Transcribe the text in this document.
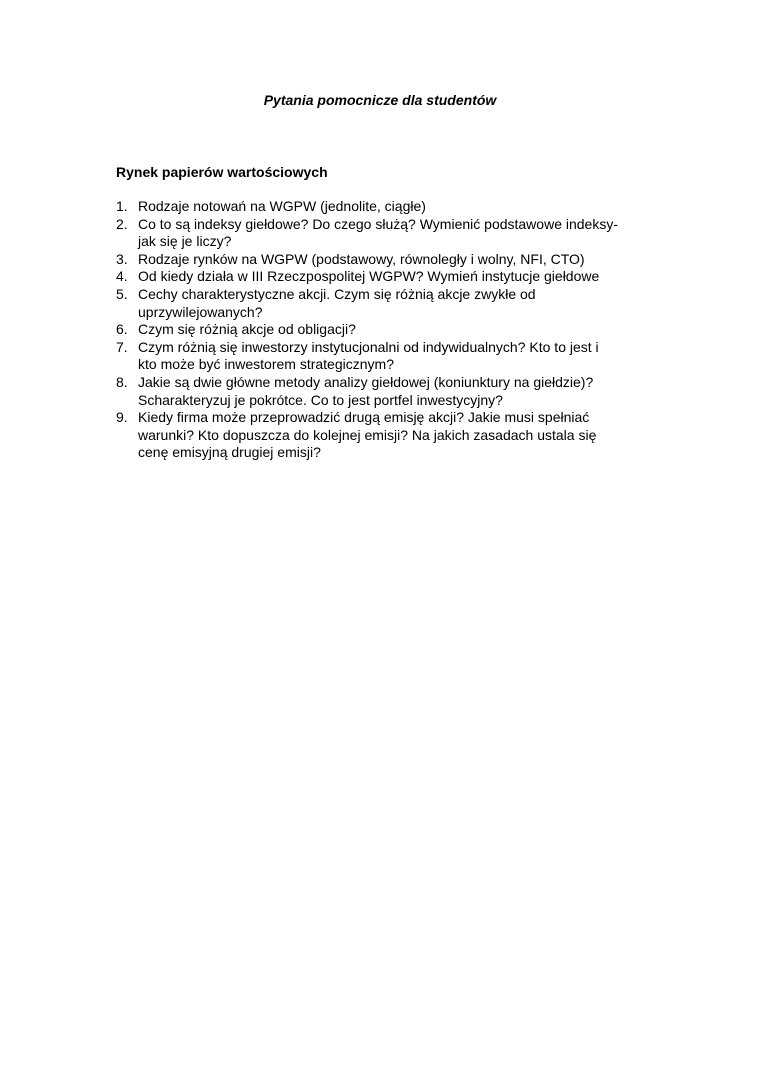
Pytania pomocnicze dla studentów
Rynek papierów wartościowych
1. Rodzaje notowań na WGPW (jednolite, ciągłe)
2. Co to są indeksy giełdowe? Do czego służą? Wymienić podstawowe indeksy-
jak się je liczy?
3. Rodzaje rynków na WGPW (podstawowy, równoległy i wolny, NFI, CTO)
4. Od kiedy działa w III Rzeczpospolitej WGPW? Wymień instytucje giełdowe
5. Cechy charakterystyczne akcji. Czym się różnią akcje zwykłe od
uprzywilejowanych?
6. Czym się różnią akcje od obligacji?
7. Czym różnią się inwestorzy instytucjonalni od indywidualnych? Kto to jest i
kto może być inwestorem strategicznym?
8. Jakie są dwie główne metody analizy giełdowej (koniunktury na giełdzie)?
Scharakteryzuj je pokrótce. Co to jest portfel inwestycyjny?
9. Kiedy firma może przeprowadzić drugą emisję akcji? Jakie musi spełniać
warunki? Kto dopuszcza do kolejnej emisji? Na jakich zasadach ustala się
cenę emisyjną drugiej emisji?
